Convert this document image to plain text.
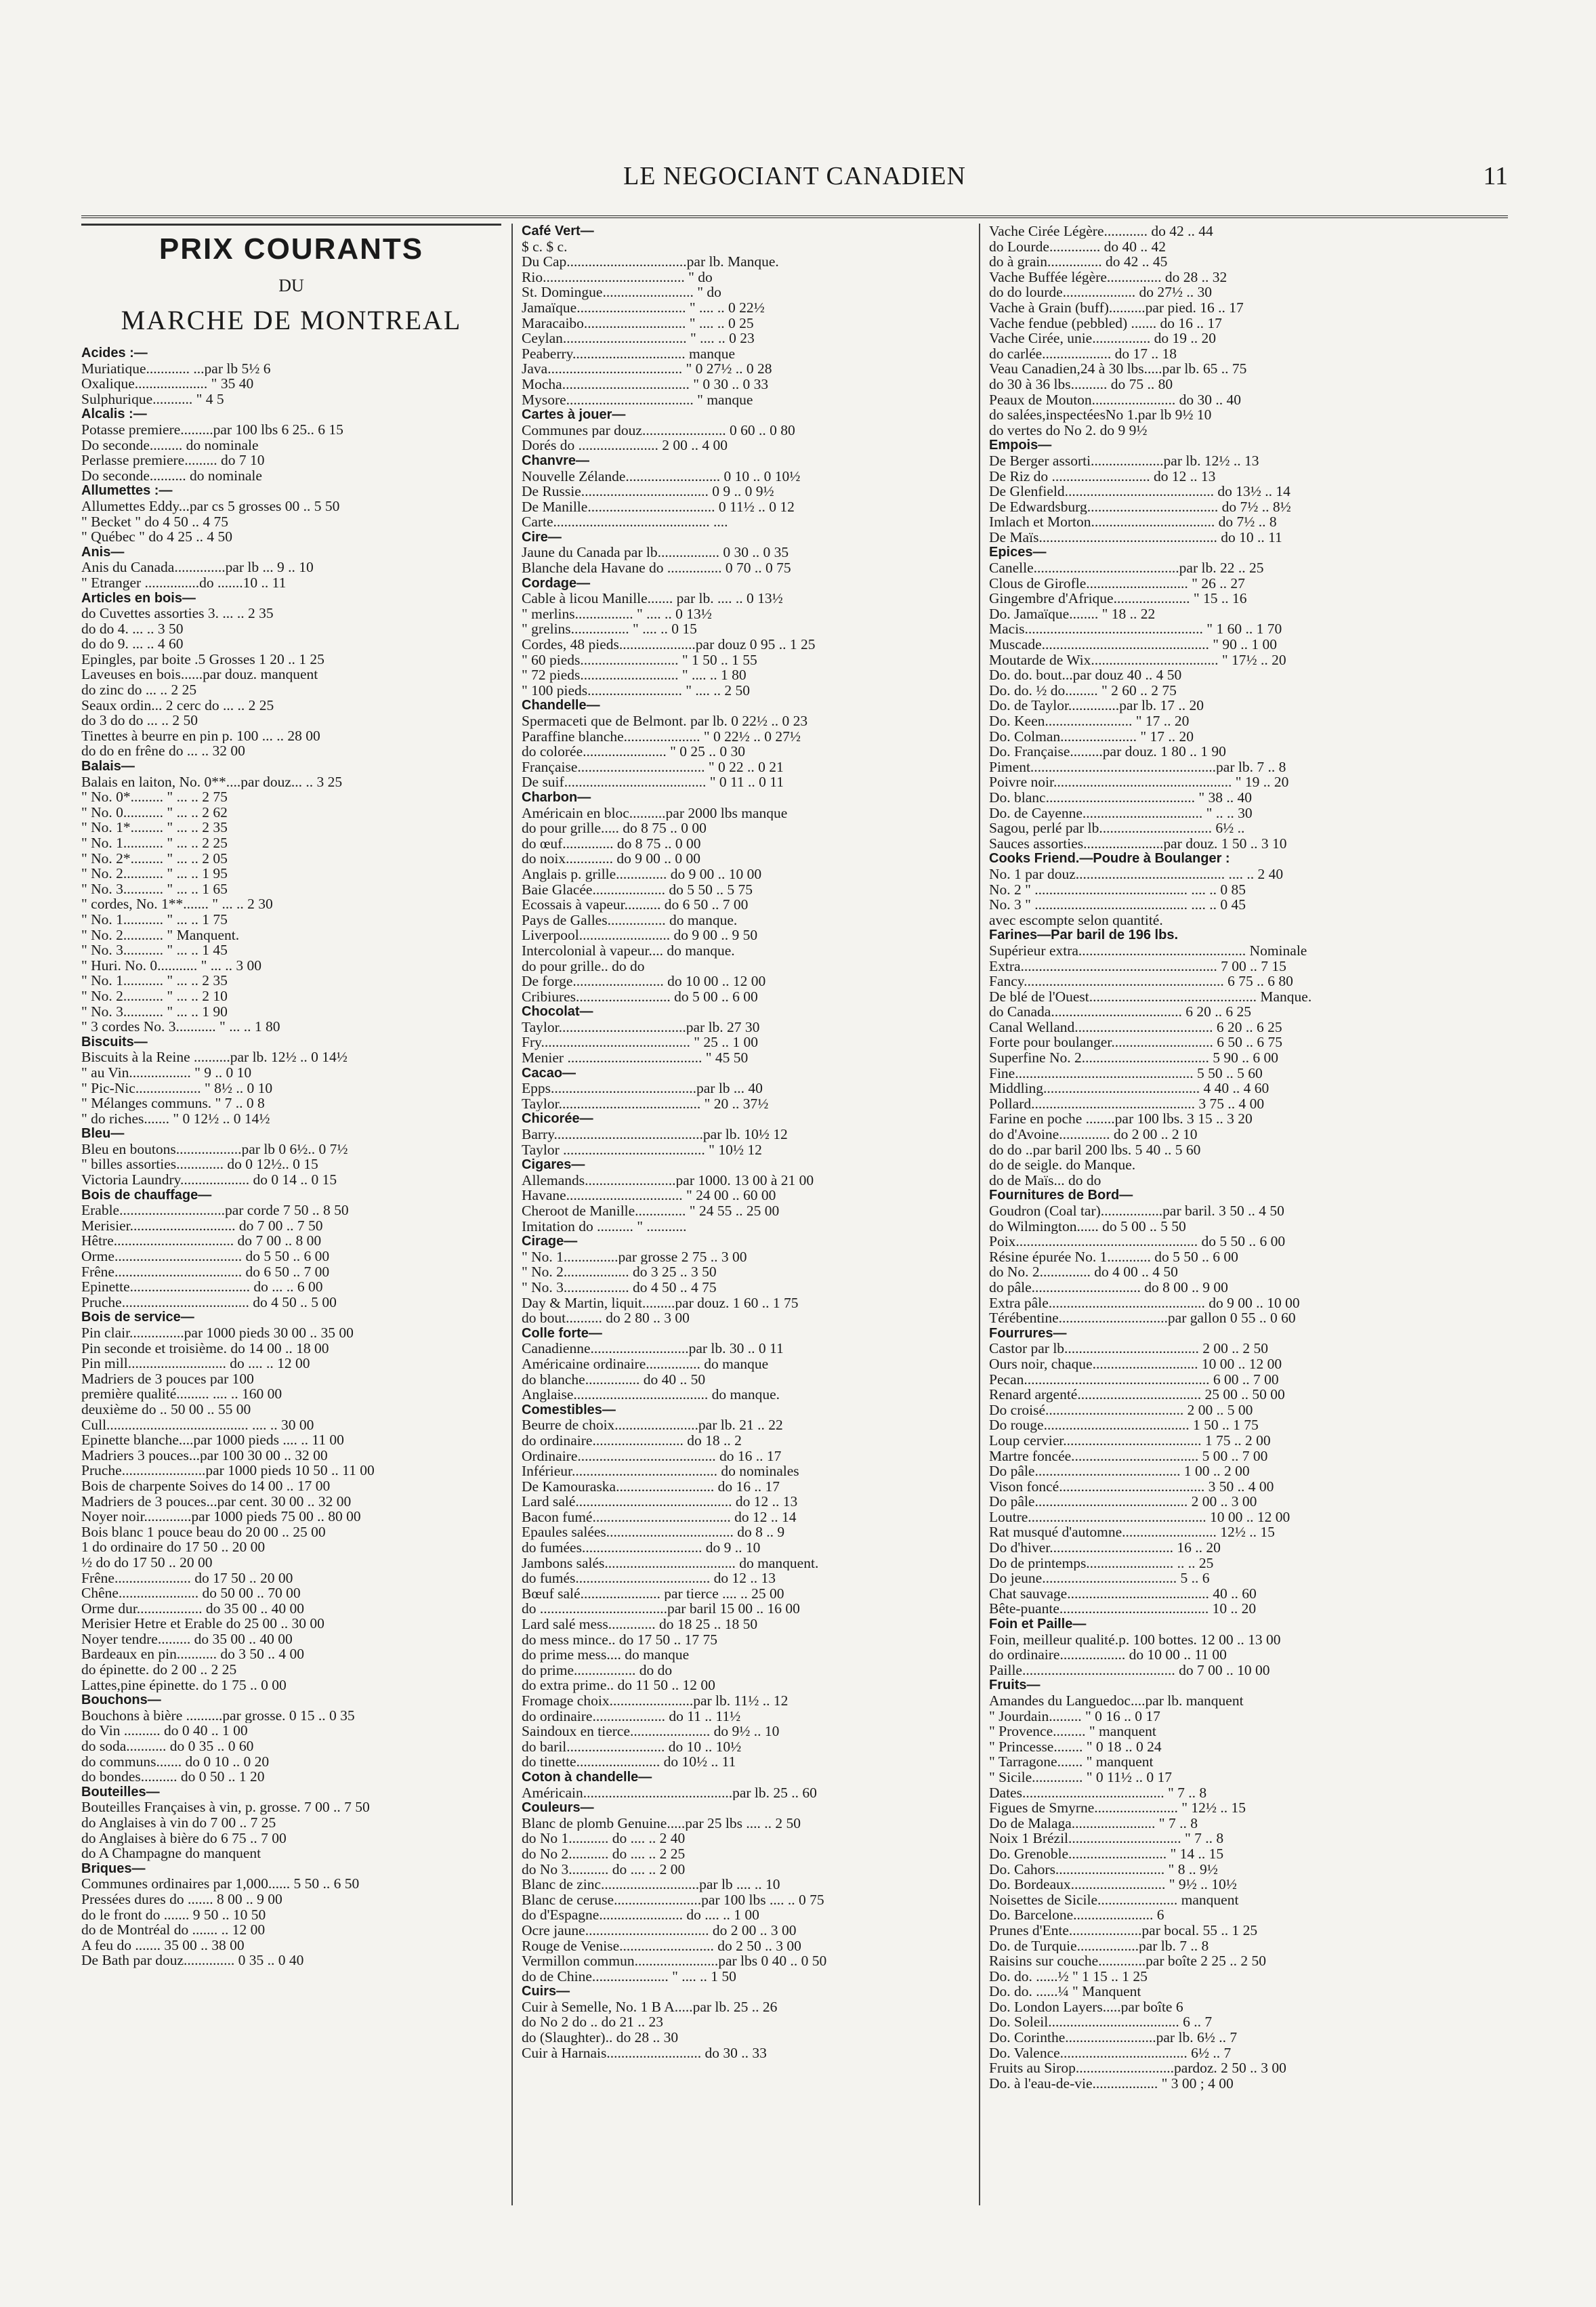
LE NEGOCIANT CANADIEN	11
PRIX COURANTS
DU
MARCHE DE MONTREAL
Acides :—
Muriatique............ ...par lb 5½ 6
Oxalique.................... " 35 40
Sulphurique........... " 4 5
Alcalis :—
Potasse premiere.........par 100 lbs 6 25.. 6 15
Do seconde......... do nominale
Perlasse premiere......... do 7 10
Do seconde.......... do nominale
Allumettes :—
Allumettes Eddy...par cs 5 grosses 00 .. 5 50
" Becket " do 4 50 .. 4 75
" Québec " do 4 25 .. 4 50
Anis—
Anis du Canada..............par lb ... 9 .. 10
" Etranger ...............do .......10 .. 11
Articles en bois—
do Cuvettes assorties 3. ... .. 2 35
do do 4. ... .. 3 50
do do 9. ... .. 4 60
Epingles, par boite .5 Grosses 1 20 .. 1 25
Laveuses en bois......par douz. manquent
do zinc do ... .. 2 25
Seaux ordin... 2 cerc do ... .. 2 25
do 3 do do ... .. 2 50
Tinettes à beurre en pin p. 100 ... .. 28 00
do do en frêne do ... .. 32 00
Balais—
Balais en laiton, No. 0**....par douz... .. 3 25
" No. 0*......... " ... .. 2 75
" No. 0........... " ... .. 2 62
" No. 1*......... " ... .. 2 35
" No. 1........... " ... .. 2 25
" No. 2*......... " ... .. 2 05
" No. 2........... " ... .. 1 95
" No. 3........... " ... .. 1 65
" cordes, No. 1**....... " ... .. 2 30
" No. 1........... " ... .. 1 75
" No. 2........... " Manquent.
" No. 3........... " ... .. 1 45
" Huri. No. 0........... " ... .. 3 00
" No. 1........... " ... .. 2 35
" No. 2........... " ... .. 2 10
" No. 3........... " ... .. 1 90
" 3 cordes No. 3........... " ... .. 1 80
Biscuits—
Biscuits à la Reine ..........par lb. 12½ .. 0 14½
" au Vin................. " 9 .. 0 10
" Pic-Nic.................. " 8½ .. 0 10
" Mélanges communs. " 7 .. 0 8
" do riches....... " 0 12½ .. 0 14½
Bleu—
Bleu en boutons..................par lb 0 6½.. 0 7½
" billes assorties............. do 0 12½.. 0 15
Victoria Laundry................... do 0 14 .. 0 15
Bois de chauffage—
Erable.............................par corde 7 50 .. 8 50
Merisier............................. do 7 00 .. 7 50
Hêtre................................. do 7 00 .. 8 00
Orme................................... do 5 50 .. 6 00
Frêne................................... do 6 50 .. 7 00
Epinette................................. do ... .. 6 00
Pruche................................... do 4 50 .. 5 00
Bois de service—
Pin clair...............par 1000 pieds 30 00 .. 35 00
Pin seconde et troisième. do 14 00 .. 18 00
Pin mill........................... do .... .. 12 00
Madriers de 3 pouces par 100
première qualité......... .... .. 160 00
deuxième do .. 50 00 .. 55 00
Cull....................................... .... .. 30 00
Epinette blanche....par 1000 pieds .... .. 11 00
Madriers 3 pouces...par 100 30 00 .. 32 00
Pruche.......................par 1000 pieds 10 50 .. 11 00
Bois de charpente Soives do 14 00 .. 17 00
Madriers de 3 pouces...par cent. 30 00 .. 32 00
Noyer noir.............par 1000 pieds 75 00 .. 80 00
Bois blanc 1 pouce beau do 20 00 .. 25 00
1 do ordinaire do 17 50 .. 20 00
½ do do 17 50 .. 20 00
Frêne..................... do 17 50 .. 20 00
Chêne...................... do 50 00 .. 70 00
Orme dur.................. do 35 00 .. 40 00
Merisier Hetre et Erable do 25 00 .. 30 00
Noyer tendre......... do 35 00 .. 40 00
Bardeaux en pin........... do 3 50 .. 4 00
do épinette. do 2 00 .. 2 25
Lattes,pine épinette. do 1 75 .. 0 00
Bouchons—
Bouchons à bière ..........par grosse. 0 15 .. 0 35
do Vin .......... do 0 40 .. 1 00
do soda........... do 0 35 .. 0 60
do communs....... do 0 10 .. 0 20
do bondes.......... do 0 50 .. 1 20
Bouteilles—
Bouteilles Françaises à vin, p. grosse. 7 00 .. 7 50
do Anglaises à vin do 7 00 .. 7 25
do Anglaises à bière do 6 75 .. 7 00
do A Champagne do manquent
Briques—
Communes ordinaires par 1,000...... 5 50 .. 6 50
Pressées dures do ....... 8 00 .. 9 00
do le front do ....... 9 50 .. 10 50
do de Montréal do ....... .. 12 00
A feu do ....... 35 00 .. 38 00
De Bath par douz.............. 0 35 .. 0 40
Café Vert—
$ c. $ c.
Du Cap.................................par lb. Manque.
Rio....................................... " do
St. Domingue......................... " do
Jamaïque.............................. " .... .. 0 22½
Maracaibo............................ " .... .. 0 25
Ceylan.................................. " .... .. 0 23
Peaberry............................... manque
Java..................................... " 0 27½ .. 0 28
Mocha................................... " 0 30 .. 0 33
Mysore................................... " manque
Cartes à jouer—
Communes par douz....................... 0 60 .. 0 80
Dorés do ...................... 2 00 .. 4 00
Chanvre—
Nouvelle Zélande.......................... 0 10 .. 0 10½
De Russie................................... 0 9 .. 0 9½
De Manille................................... 0 11½ .. 0 12
Carte........................................... ....
Cire—
Jaune du Canada par lb................. 0 30 .. 0 35
Blanche dela Havane do ............... 0 70 .. 0 75
Cordage—
Cable à licou Manille....... par lb. .... .. 0 13½
" merlins................ " .... .. 0 13½
" grelins................ " .... .. 0 15
Cordes, 48 pieds.....................par douz 0 95 .. 1 25
" 60 pieds........................... " 1 50 .. 1 55
" 72 pieds........................... " .... .. 1 80
" 100 pieds.......................... " .... .. 2 50
Chandelle—
Spermaceti que de Belmont. par lb. 0 22½ .. 0 23
Paraffine blanche..................... " 0 22½ .. 0 27½
do colorée....................... " 0 25 .. 0 30
Française................................... " 0 22 .. 0 21
De suif....................................... " 0 11 .. 0 11
Charbon—
Américain en bloc..........par 2000 lbs manque
do pour grille..... do 8 75 .. 0 00
do œuf.............. do 8 75 .. 0 00
do noix............. do 9 00 .. 0 00
Anglais p. grille.............. do 9 00 .. 10 00
Baie Glacée.................... do 5 50 .. 5 75
Ecossais à vapeur.......... do 6 50 .. 7 00
Pays de Galles................ do manque.
Liverpool......................... do 9 00 .. 9 50
Intercolonial à vapeur.... do manque.
do pour grille.. do do
De forge......................... do 10 00 .. 12 00
Cribiures.......................... do 5 00 .. 6 00
Chocolat—
Taylor...................................par lb. 27 30
Fry......................................... " 25 .. 1 00
Menier ..................................... " 45 50
Cacao—
Epps........................................par lb ... 40
Taylor....................................... " 20 .. 37½
Chicorée—
Barry.........................................par lb. 10½ 12
Taylor ....................................... " 10½ 12
Cigares—
Allemands.........................par 1000. 13 00 à 21 00
Havane................................ " 24 00 .. 60 00
Cheroot de Manille.............. " 24 55 .. 25 00
Imitation do .......... " ...........
Cirage—
" No. 1...............par grosse 2 75 .. 3 00
" No. 2.................. do 3 25 .. 3 50
" No. 3.................. do 4 50 .. 4 75
Day & Martin, liquit.........par douz. 1 60 .. 1 75
do bout.......... do 2 80 .. 3 00
Colle forte—
Canadienne...........................par lb. 30 .. 0 11
Américaine ordinaire............... do manque
do blanche............... do 40 .. 50
Anglaise..................................... do manque.
Comestibles—
Beurre de choix.......................par lb. 21 .. 22
do ordinaire......................... do 18 .. 2
Ordinaire...................................... do 16 .. 17
Inférieur........................................ do nominales
De Kamouraska........................... do 16 .. 17
Lard salé........................................... do 12 .. 13
Bacon fumé...................................... do 12 .. 14
Epaules salées................................... do 8 .. 9
do fumées................................. do 9 .. 10
Jambons salés.................................... do manquent.
do fumés..................................... do 12 .. 13
Bœuf salé...................... par tierce .... .. 25 00
do ...................................par baril 15 00 .. 16 00
Lard salé mess............. do 18 25 .. 18 50
do mess mince.. do 17 50 .. 17 75
do prime mess.... do manque
do prime................. do do
do extra prime.. do 11 50 .. 12 00
Fromage choix.......................par lb. 11½ .. 12
do ordinaire.................... do 11 .. 11½
Saindoux en tierce...................... do 9½ .. 10
do baril........................... do 10 .. 10½
do tinette....................... do 10½ .. 11
Coton à chandelle—
Américain.........................................par lb. 25 .. 60
Couleurs—
Blanc de plomb Genuine.....par 25 lbs .... .. 2 50
do No 1........... do .... .. 2 40
do No 2........... do .... .. 2 25
do No 3........... do .... .. 2 00
Blanc de zinc...........................par lb .... .. 10
Blanc de ceruse........................par 100 lbs .... .. 0 75
do d'Espagne....................... do .... .. 1 00
Ocre jaune.................................. do 2 00 .. 3 00
Rouge de Venise.......................... do 2 50 .. 3 00
Vermillon commun.......................par lbs 0 40 .. 0 50
do de Chine..................... " .... .. 1 50
Cuirs—
Cuir à Semelle, No. 1 B A.....par lb. 25 .. 26
do No 2 do .. do 21 .. 23
do (Slaughter).. do 28 .. 30
Cuir à Harnais.......................... do 30 .. 33
Vache Cirée Légère............ do 42 .. 44
do Lourde.............. do 40 .. 42
do à grain............... do 42 .. 45
Vache Buffée légère............... do 28 .. 32
do do lourde.................... do 27½ .. 30
Vache à Grain (buff)..........par pied. 16 .. 17
Vache fendue (pebbled) ....... do 16 .. 17
Vache Cirée, unie................ do 19 .. 20
do carlée................... do 17 .. 18
Veau Canadien,24 à 30 lbs.....par lb. 65 .. 75
do 30 à 36 lbs.......... do 75 .. 80
Peaux de Mouton....................... do 30 .. 40
do salées,inspectéesNo 1.par lb 9½ 10
do vertes do No 2. do 9 9½
Empois—
De Berger assorti....................par lb. 12½ .. 13
De Riz do ........................... do 12 .. 13
De Glenfield......................................... do 13½ .. 14
De Edwardsburg.................................... do 7½ .. 8½
Imlach et Morton.................................. do 7½ .. 8
De Maïs................................................. do 10 .. 11
Epices—
Canelle........................................par lb. 22 .. 25
Clous de Girofle............................ " 26 .. 27
Gingembre d'Afrique..................... " 15 .. 16
Do. Jamaïque........ " 18 .. 22
Macis................................................. " 1 60 .. 1 70
Muscade.............................................. " 90 .. 1 00
Moutarde de Wix................................... " 17½ .. 20
Do. do. bout...par douz 40 .. 4 50
Do. do. ½ do......... " 2 60 .. 2 75
Do. de Taylor..............par lb. 17 .. 20
Do. Keen........................ " 17 .. 20
Do. Colman..................... " 17 .. 20
Do. Française.........par douz. 1 80 .. 1 90
Piment...................................................par lb. 7 .. 8
Poivre noir................................................. " 19 .. 20
Do. blanc......................................... " 38 .. 40
Do. de Cayenne................................. " .. .. 30
Sagou, perlé par lb............................... 6½ ..
Sauces assorties......................par douz. 1 50 .. 3 10
Cooks Friend.—Poudre à Boulanger :
No. 1 par douz......................................... .... .. 2 40
No. 2 " .......................................... .... .. 0 85
No. 3 " .......................................... .... .. 0 45
avec escompte selon quantité.
Farines—Par baril de 196 lbs.
Supérieur extra.............................................. Nominale
Extra...................................................... 7 00 .. 7 15
Fancy....................................................... 6 75 .. 6 80
De blé de l'Ouest.............................................. Manque.
do Canada.................................... 6 20 .. 6 25
Canal Welland...................................... 6 20 .. 6 25
Forte pour boulanger............................ 6 50 .. 6 75
Superfine No. 2................................... 5 90 .. 6 00
Fine................................................. 5 50 .. 5 60
Middling........................................... 4 40 .. 4 60
Pollard............................................. 3 75 .. 4 00
Farine en poche ........par 100 lbs. 3 15 .. 3 20
do d'Avoine.............. do 2 00 .. 2 10
do do ..par baril 200 lbs. 5 40 .. 5 60
do de seigle. do Manque.
do de Maïs... do do
Fournitures de Bord—
Goudron (Coal tar).................par baril. 3 50 .. 4 50
do Wilmington...... do 5 00 .. 5 50
Poix.................................................. do 5 50 .. 6 00
Résine épurée No. 1............ do 5 50 .. 6 00
do No. 2.............. do 4 00 .. 4 50
do pâle.............................. do 8 00 .. 9 00
Extra pâle........................................... do 9 00 .. 10 00
Térébentine..............................par gallon 0 55 .. 0 60
Fourrures—
Castor par lb..................................... 2 00 .. 2 50
Ours noir, chaque............................. 10 00 .. 12 00
Pecan................................................... 6 00 .. 7 00
Renard argenté.................................. 25 00 .. 50 00
Do croisé...................................... 2 00 .. 5 00
Do rouge........................................ 1 50 .. 1 75
Loup cervier...................................... 1 75 .. 2 00
Martre foncée................................... 5 00 .. 7 00
Do pâle........................................ 1 00 .. 2 00
Vison foncé........................................ 3 50 .. 4 00
Do pâle.......................................... 2 00 .. 3 00
Loutre................................................. 10 00 .. 12 00
Rat musqué d'automne.......................... 12½ .. 15
Do d'hiver.................................. 16 .. 20
Do de printemps........................ .. .. 25
Do jeune..................................... 5 .. 6
Chat sauvage....................................... 40 .. 60
Bête-puante......................................... 10 .. 20
Foin et Paille—
Foin, meilleur qualité.p. 100 bottes. 12 00 .. 13 00
do ordinaire.................. do 10 00 .. 11 00
Paille.......................................... do 7 00 .. 10 00
Fruits—
Amandes du Languedoc....par lb. manquent
" Jourdain......... " 0 16 .. 0 17
" Provence......... " manquent
" Princesse........ " 0 18 .. 0 24
" Tarragone....... " manquent
" Sicile.............. " 0 11½ .. 0 17
Dates....................................... " 7 .. 8
Figues de Smyrne....................... " 12½ .. 15
Do de Malaga....................... " 7 .. 8
Noix 1 Brézil............................... " 7 .. 8
Do. Grenoble........................... " 14 .. 15
Do. Cahors.............................. " 8 .. 9½
Do. Bordeaux.......................... " 9½ .. 10½
Noisettes de Sicile...................... manquent
Do. Barcelone...................... 6
Prunes d'Ente....................par bocal. 55 .. 1 25
Do. de Turquie.................par lb. 7 .. 8
Raisins sur couche.............par boîte 2 25 .. 2 50
Do. do. ......½ " 1 15 .. 1 25
Do. do. ......¼ " Manquent
Do. London Layers.....par boîte 6
Do. Soleil.................................... 6 .. 7
Do. Corinthe.........................par lb. 6½ .. 7
Do. Valence................................... 6½ .. 7
Fruits au Sirop...........................pardoz. 2 50 .. 3 00
Do. à l'eau-de-vie.................. " 3 00 ; 4 00
